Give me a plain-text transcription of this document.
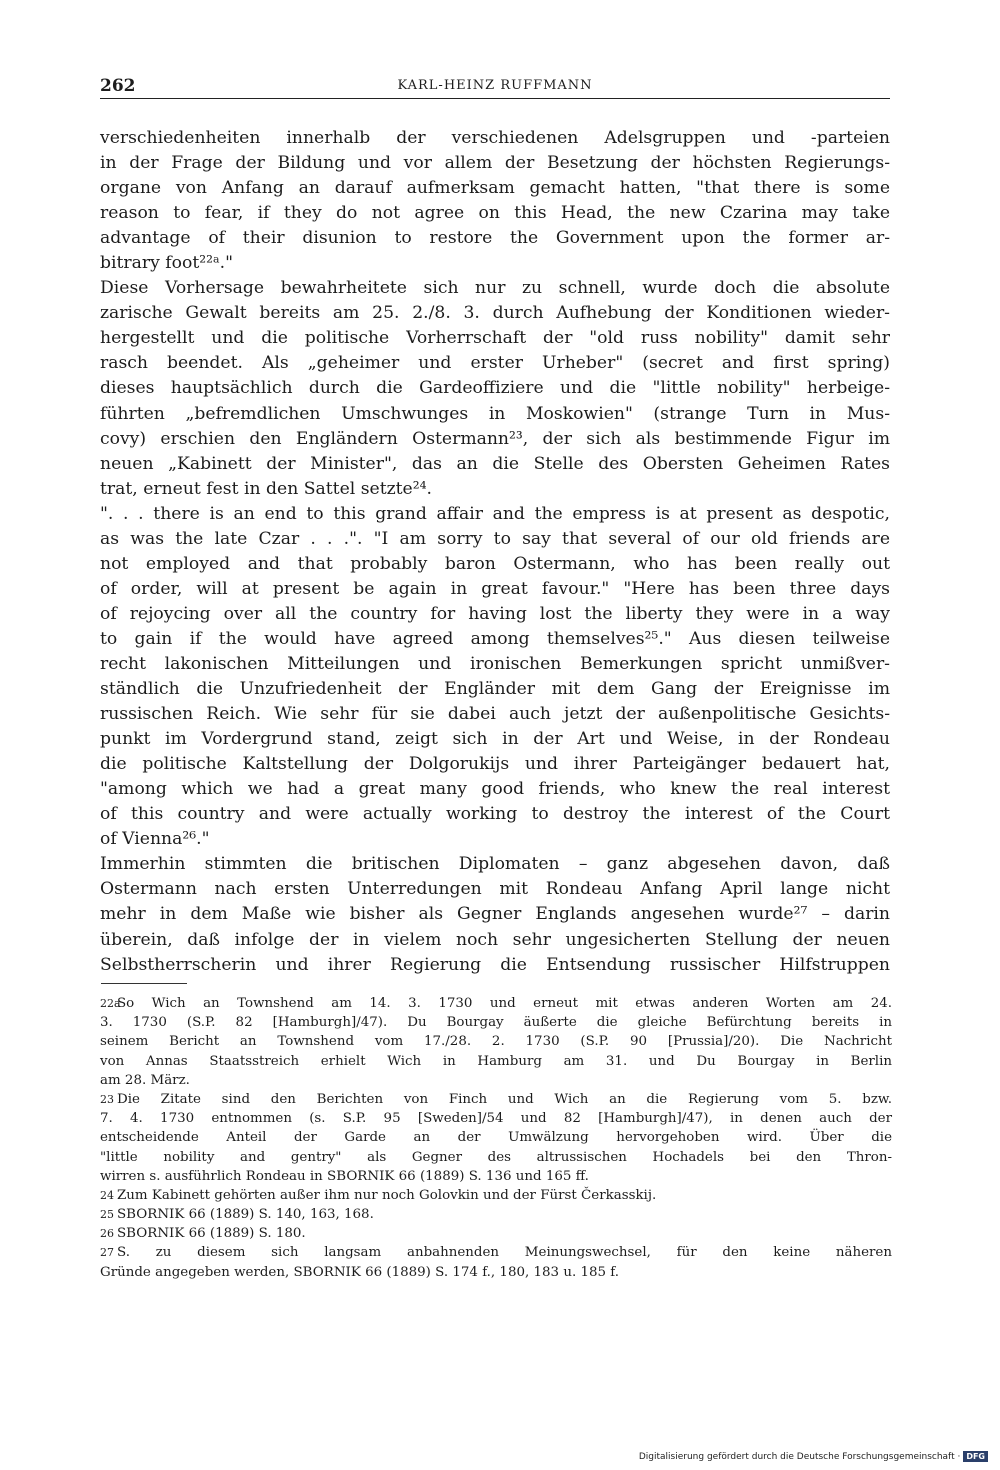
262	KARL-HEINZ RUFFMANN
verschiedenheiten innerhalb der verschiedenen Adelsgruppen und -parteien
in der Frage der Bildung und vor allem der Besetzung der höchsten Regierungs-
organe von Anfang an darauf aufmerksam gemacht hatten, "that there is some
reason to fear, if they do not agree on this Head, the new Czarina may take
advantage of their disunion to restore the Government upon the former ar-
bitrary foot²²ᵃ."
Diese Vorhersage bewahrheitete sich nur zu schnell, wurde doch die absolute
zarische Gewalt bereits am 25. 2./8. 3. durch Aufhebung der Konditionen wieder-
hergestellt und die politische Vorherrschaft der "old russ nobility" damit sehr
rasch beendet. Als „geheimer und erster Urheber" (secret and first spring)
dieses hauptsächlich durch die Gardeoffiziere und die "little nobility" herbeige-
führten „befremdlichen Umschwunges in Moskowien" (strange Turn in Mus-
covy) erschien den Engländern Ostermann²³, der sich als bestimmende Figur im
neuen „Kabinett der Minister", das an die Stelle des Obersten Geheimen Rates
trat, erneut fest in den Sattel setzte²⁴.
". . . there is an end to this grand affair and the empress is at present as despotic,
as was the late Czar . . .". "I am sorry to say that several of our old friends are
not employed and that probably baron Ostermann, who has been really out
of order, will at present be again in great favour." "Here has been three days
of rejoycing over all the country for having lost the liberty they were in a way
to gain if the would have agreed among themselves²⁵." Aus diesen teilweise
recht lakonischen Mitteilungen und ironischen Bemerkungen spricht unmißver-
ständlich die Unzufriedenheit der Engländer mit dem Gang der Ereignisse im
russischen Reich. Wie sehr für sie dabei auch jetzt der außenpolitische Gesichts-
punkt im Vordergrund stand, zeigt sich in der Art und Weise, in der Rondeau
die politische Kaltstellung der Dolgorukijs und ihrer Parteigänger bedauert hat,
"among which we had a great many good friends, who knew the real interest
of this country and were actually working to destroy the interest of the Court
of Vienna²⁶."
Immerhin stimmten die britischen Diplomaten – ganz abgesehen davon, daß
Ostermann nach ersten Unterredungen mit Rondeau Anfang April lange nicht
mehr in dem Maße wie bisher als Gegner Englands angesehen wurde²⁷ – darin
überein, daß infolge der in vielem noch sehr ungesicherten Stellung der neuen
Selbstherrscherin und ihrer Regierung die Entsendung russischer Hilfstruppen
22aSo Wich an Townshend am 14. 3. 1730 und erneut mit etwas anderen Worten am 24.
3. 1730 (S.P. 82 [Hamburgh]/47). Du Bourgay äußerte die gleiche Befürchtung bereits in
seinem Bericht an Townshend vom 17./28. 2. 1730 (S.P. 90 [Prussia]/20). Die Nachricht
von Annas Staatsstreich erhielt Wich in Hamburg am 31. und Du Bourgay in Berlin
am 28. März.
23 Die Zitate sind den Berichten von Finch und Wich an die Regierung vom 5. bzw.
7. 4. 1730 entnommen (s. S.P. 95 [Sweden]/54 und 82 [Hamburgh]/47), in denen auch der
entscheidende Anteil der Garde an der Umwälzung hervorgehoben wird. Über die
"little nobility and gentry" als Gegner des altrussischen Hochadels bei den Thron-
wirren s. ausführlich Rondeau in SBORNIK 66 (1889) S. 136 und 165 ff.
24 Zum Kabinett gehörten außer ihm nur noch Golovkin und der Fürst Čerkasskij.
25 SBORNIK 66 (1889) S. 140, 163, 168.
26 SBORNIK 66 (1889) S. 180.
27 S. zu diesem sich langsam anbahnenden Meinungswechsel, für den keine näheren
Gründe angegeben werden, SBORNIK 66 (1889) S. 174 f., 180, 183 u. 185 f.
Digitalisierung gefördert durch die Deutsche Forschungsgemeinschaft · DFG
